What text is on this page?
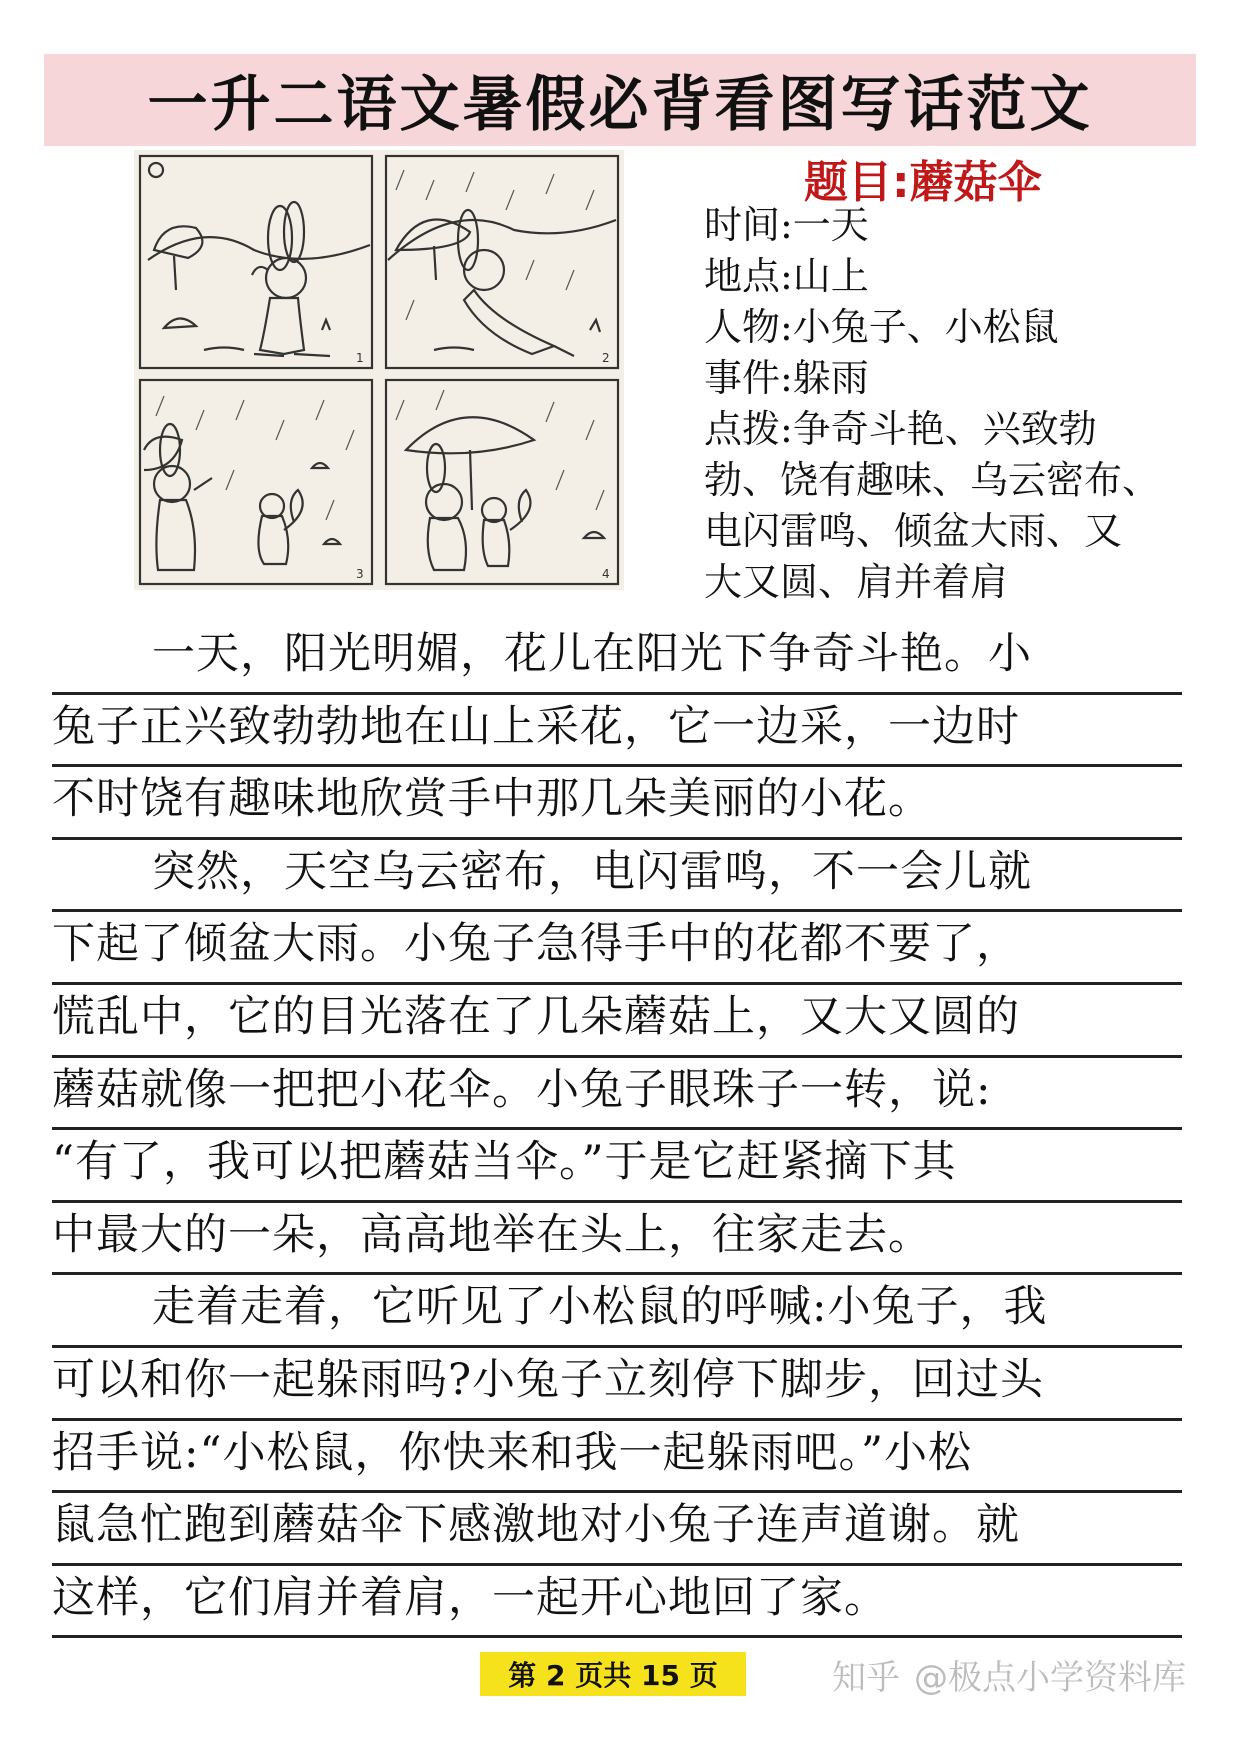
一升二语文暑假必背看图写话范文
1	2
3	4
题目:蘑菇伞

时间:一天

地点:山上

人物:小兔子、小松鼠

事件:躲雨

点拨:争奇斗艳、兴致勃

勃、饶有趣味、乌云密布、

电闪雷鸣、倾盆大雨、又

大又圆、肩并着肩

一天，阳光明媚，花儿在阳光下争奇斗艳。小
兔子正兴致勃勃地在山上采花，它一边采，一边时
不时饶有趣味地欣赏手中那几朵美丽的小花。
突然，天空乌云密布，电闪雷鸣，不一会儿就
下起了倾盆大雨。小兔子急得手中的花都不要了，
慌乱中，它的目光落在了几朵蘑菇上，又大又圆的
蘑菇就像一把把小花伞。小兔子眼珠子一转，说:
“有了，我可以把蘑菇当伞。”于是它赶紧摘下其
中最大的一朵，高高地举在头上，往家走去。
走着走着，它听见了小松鼠的呼喊:小兔子，我
可以和你一起躲雨吗?小兔子立刻停下脚步，回过头
招手说:“小松鼠，你快来和我一起躲雨吧。”小松
鼠急忙跑到蘑菇伞下感激地对小兔子连声道谢。就
这样，它们肩并着肩，一起开心地回了家。
第 2 页共 15 页	知乎 @极点小学资料库
